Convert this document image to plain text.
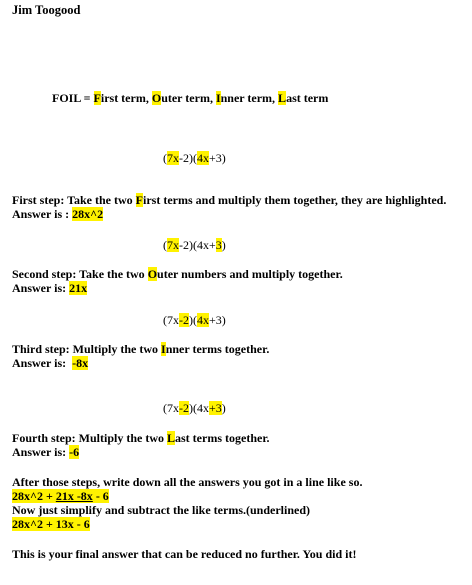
Jim Toogood
FOIL = First term, Outer term, Inner term, Last term
(7x-2)(4x+3)
First step: Take the two First terms and multiply them together, they are highlighted.
Answer is : 28x^2
(7x-2)(4x+3)
Second step: Take the two Outer numbers and multiply together.
Answer is: 21x
(7x-2)(4x+3)
Third step: Multiply the two Inner terms together.
Answer is:  -8x
(7x-2)(4x+3)
Fourth step: Multiply the two Last terms together.
Answer is: -6
After those steps, write down all the answers you got in a line like so.
28x^2 + 21x -8x - 6
Now just simplify and subtract the like terms.(underlined)
28x^2 + 13x - 6
This is your final answer that can be reduced no further. You did it!
